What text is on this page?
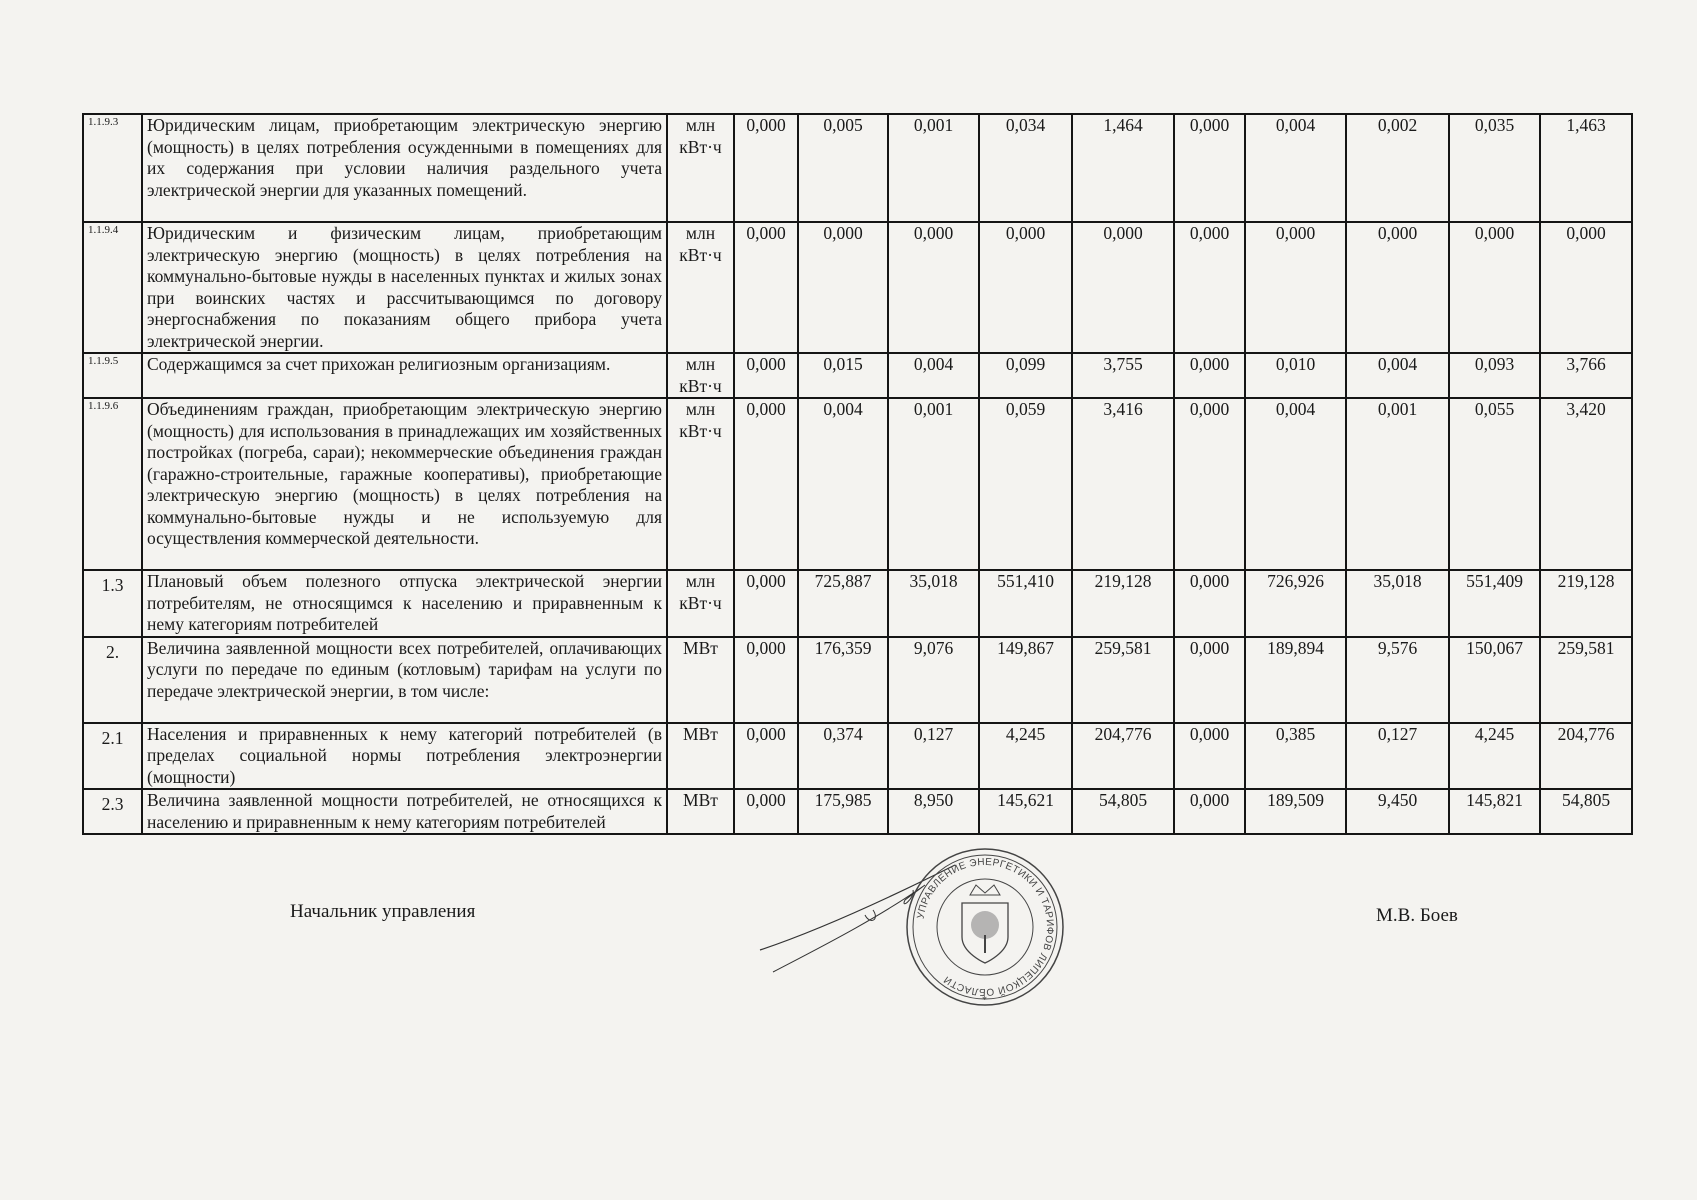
1.1.9.3	Юридическим лицам, приобретающим электрическую энергию (мощность) в целях потребления осужденными в помещениях для их содержания при условии наличия раздельного учета электрической энергии для указанных помещений.	млн кВт·ч	0,000	0,005	0,001	0,034	1,464	0,000	0,004	0,002	0,035	1,463
1.1.9.4	Юридическим и физическим лицам, приобретающим электрическую энергию (мощность) в целях потребления на коммунально-бытовые нужды в населенных пунктах и жилых зонах при воинских частях и рассчитывающимся по договору энергоснабжения по показаниям общего прибора учета электрической энергии.	млн кВт·ч	0,000	0,000	0,000	0,000	0,000	0,000	0,000	0,000	0,000	0,000
1.1.9.5	Содержащимся за счет прихожан религиозным организациям.	млн кВт·ч	0,000	0,015	0,004	0,099	3,755	0,000	0,010	0,004	0,093	3,766
1.1.9.6	Объединениям граждан, приобретающим электрическую энергию (мощность) для использования в принадлежащих им хозяйственных постройках (погреба, сараи); некоммерческие объединения граждан (гаражно-строительные, гаражные кооперативы), приобретающие электрическую энергию (мощность) в целях потребления на коммунально-бытовые нужды и не используемую для осуществления коммерческой деятельности.	млн кВт·ч	0,000	0,004	0,001	0,059	3,416	0,000	0,004	0,001	0,055	3,420
1.3	Плановый объем полезного отпуска электрической энергии потребителям, не относящимся к населению и приравненным к нему категориям потребителей	млн кВт·ч	0,000	725,887	35,018	551,410	219,128	0,000	726,926	35,018	551,409	219,128
2.	Величина заявленной мощности всех потребителей, оплачивающих услуги по передаче по единым (котловым) тарифам на услуги по передаче электрической энергии, в том числе:	МВт	0,000	176,359	9,076	149,867	259,581	0,000	189,894	9,576	150,067	259,581
2.1	Населения и приравненных к нему категорий потребителей (в пределах социальной нормы потребления электроэнергии (мощности)	МВт	0,000	0,374	0,127	4,245	204,776	0,000	0,385	0,127	4,245	204,776
2.3	Величина заявленной мощности потребителей, не относящихся к населению и приравненным к нему категориям потребителей	МВт	0,000	175,985	8,950	145,621	54,805	0,000	189,509	9,450	145,821	54,805
Начальник управления	УПРАВЛЕНИЕ ЭНЕРГЕТИКИ И ТАРИФОВ ЛИПЕЦКОЙ ОБЛАСТИ
*
М.В. Боев
